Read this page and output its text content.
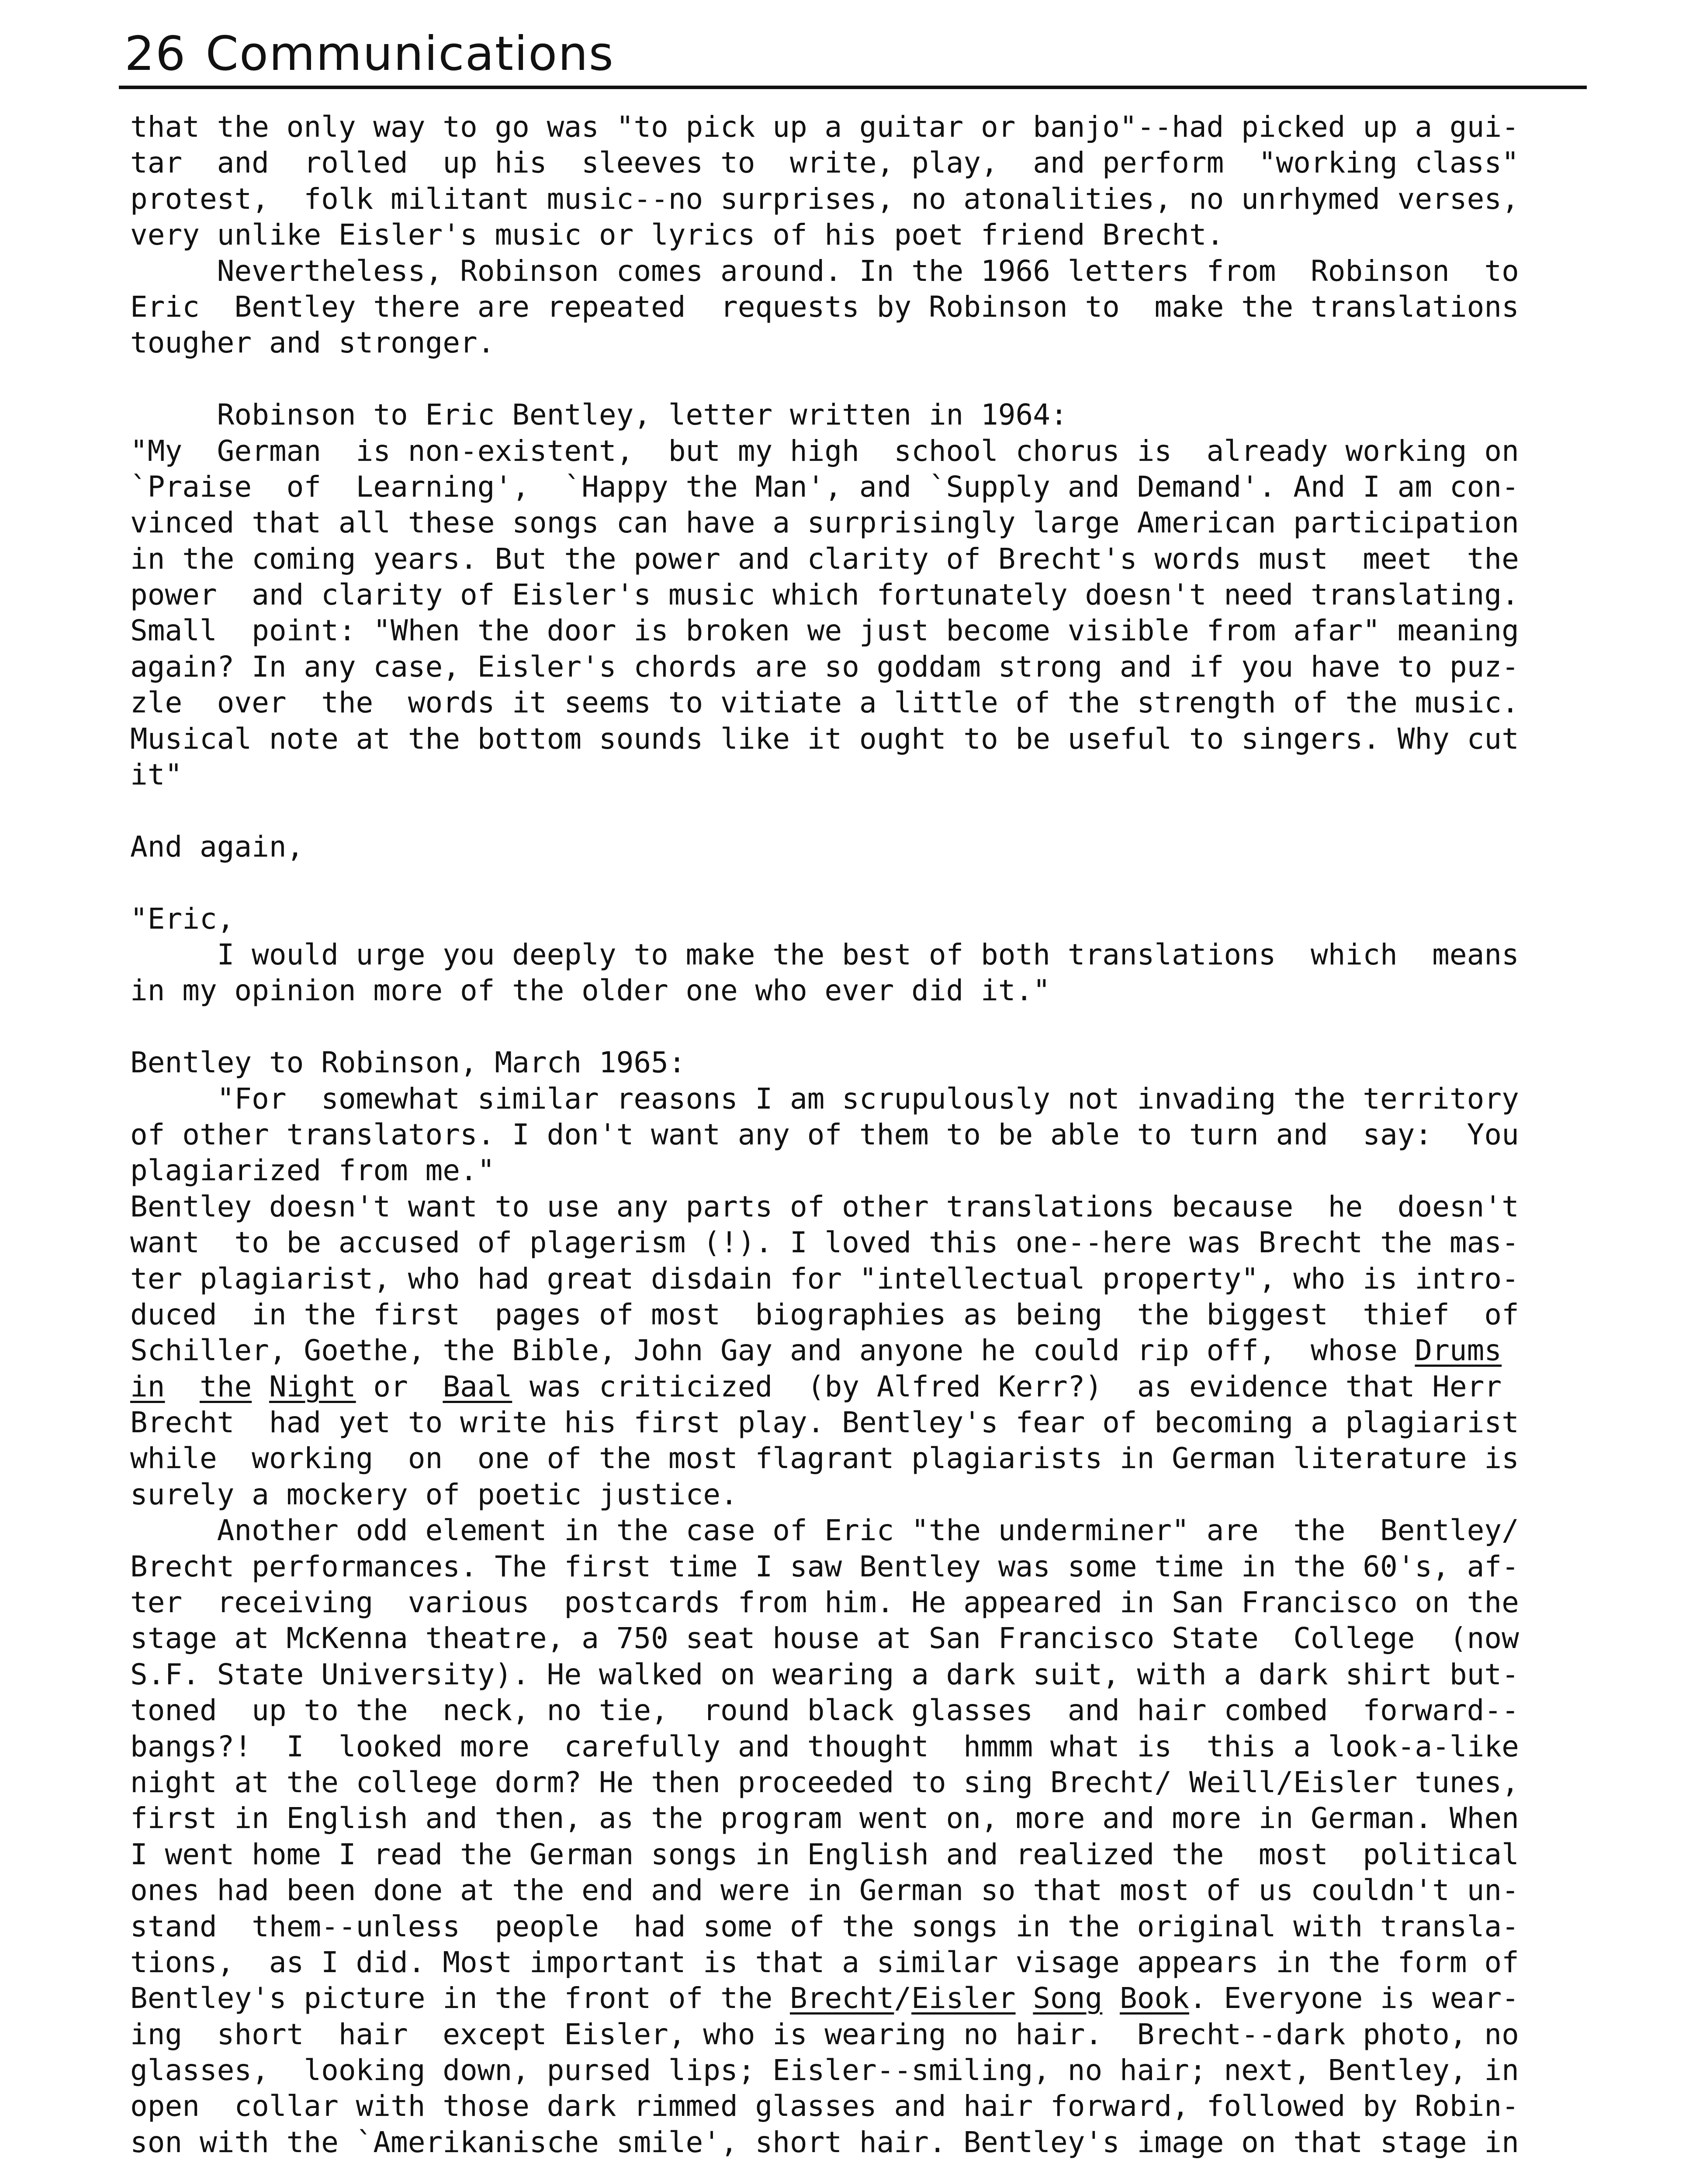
26 Communications
that the only way to go was "to pick up a guitar or banjo"--had picked up a gui-
tar  and  rolled  up his  sleeves to  write, play,  and perform  "working class"
protest,  folk militant music--no surprises, no atonalities, no unrhymed verses,
very unlike Eisler's music or lyrics of his poet friend Brecht.
Nevertheless, Robinson comes around. In the 1966 letters from  Robinson  to
Eric  Bentley there are repeated  requests by Robinson to  make the translations
tougher and stronger.
Robinson to Eric Bentley, letter written in 1964:
"My  German  is non-existent,  but my high  school chorus is  already working on
`Praise  of  Learning',  `Happy the Man', and `Supply and Demand'. And I am con-
vinced that all these songs can have a surprisingly large American participation
in the coming years. But the power and clarity of Brecht's words must  meet  the
power  and clarity of Eisler's music which fortunately doesn't need translating.
Small  point: "When the door is broken we just become visible from afar" meaning
again? In any case, Eisler's chords are so goddam strong and if you have to puz-
zle  over  the  words it seems to vitiate a little of the strength of the music.
Musical note at the bottom sounds like it ought to be useful to singers. Why cut
it"
And again,
"Eric,
I would urge you deeply to make the best of both translations  which  means
in my opinion more of the older one who ever did it."
Bentley to Robinson, March 1965:
"For  somewhat similar reasons I am scrupulously not invading the territory
of other translators. I don't want any of them to be able to turn and  say:  You
plagiarized from me."
Bentley doesn't want to use any parts of other translations because  he  doesn't
want  to be accused of plagerism (!). I loved this one--here was Brecht the mas-
ter plagiarist, who had great disdain for "intellectual property", who is intro-
duced  in the first  pages of most  biographies as being  the biggest  thief  of
Schiller, Goethe, the Bible, John Gay and anyone he could rip off,  whose Drums
in the Night or  Baal was criticized  (by Alfred Kerr?)  as evidence that Herr
Brecht  had yet to write his first play. Bentley's fear of becoming a plagiarist
while  working  on  one of the most flagrant plagiarists in German literature is
surely a mockery of poetic justice.
Another odd element in the case of Eric "the underminer" are  the  Bentley/
Brecht performances. The first time I saw Bentley was some time in the 60's, af-
ter  receiving  various  postcards from him. He appeared in San Francisco on the
stage at McKenna theatre, a 750 seat house at San Francisco State  College  (now
S.F. State University). He walked on wearing a dark suit, with a dark shirt but-
toned  up to the  neck, no tie,  round black glasses  and hair combed  forward--
bangs?!  I  looked more  carefully and thought  hmmm what is  this a look-a-like
night at the college dorm? He then proceeded to sing Brecht/ Weill/Eisler tunes,
first in English and then, as the program went on, more and more in German. When
I went home I read the German songs in English and realized the  most  political
ones had been done at the end and were in German so that most of us couldn't un-
stand  them--unless  people  had some of the songs in the original with transla-
tions,  as I did. Most important is that a similar visage appears in the form of
Bentley's picture in the front of the Brecht/Eisler Song Book. Everyone is wear-
ing  short  hair  except Eisler, who is wearing no hair.  Brecht--dark photo, no
glasses,  looking down, pursed lips; Eisler--smiling, no hair; next, Bentley, in
open  collar with those dark rimmed glasses and hair forward, followed by Robin-
son with the `Amerikanische smile', short hair. Bentley's image on that stage in
